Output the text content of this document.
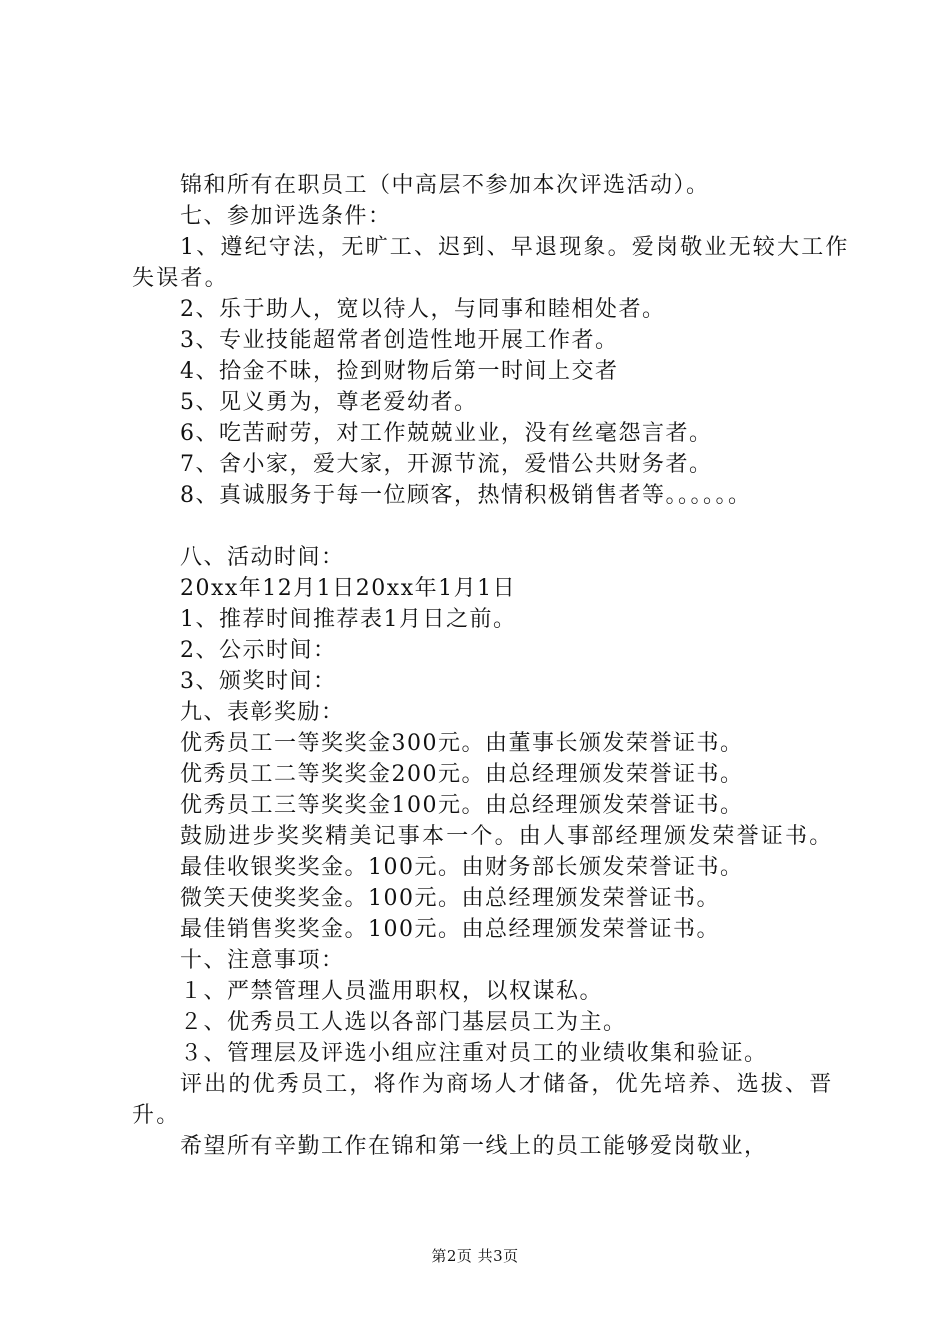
锦和所有在职员工（中高层不参加本次评选活动）。
七、参加评选条件：
1、遵纪守法，无旷工、迟到、早退现象。爱岗敬业无较大工作失误者。
2、乐于助人，宽以待人，与同事和睦相处者。
3、专业技能超常者创造性地开展工作者。
4、拾金不昧，捡到财物后第一时间上交者
5、见义勇为，尊老爱幼者。
6、吃苦耐劳，对工作兢兢业业，没有丝毫怨言者。
7、舍小家，爱大家，开源节流，爱惜公共财务者。
8、真诚服务于每一位顾客，热情积极销售者等。。。。。。
八、活动时间：
20xx年12月1日20xx年1月1日
1、推荐时间推荐表1月日之前。
2、公示时间：
3、颁奖时间：
九、表彰奖励：
优秀员工一等奖奖金300元。由董事长颁发荣誉证书。
优秀员工二等奖奖金200元。由总经理颁发荣誉证书。
优秀员工三等奖奖金100元。由总经理颁发荣誉证书。
鼓励进步奖奖精美记事本一个。由人事部经理颁发荣誉证书。
最佳收银奖奖金。100元。由财务部长颁发荣誉证书。
微笑天使奖奖金。100元。由总经理颁发荣誉证书。
最佳销售奖奖金。100元。由总经理颁发荣誉证书。
十、注意事项：
１、严禁管理人员滥用职权，以权谋私。
２、优秀员工人选以各部门基层员工为主。
３、管理层及评选小组应注重对员工的业绩收集和验证。
评出的优秀员工，将作为商场人才储备，优先培养、选拔、晋升。
希望所有辛勤工作在锦和第一线上的员工能够爱岗敬业，
第2页 共3页
